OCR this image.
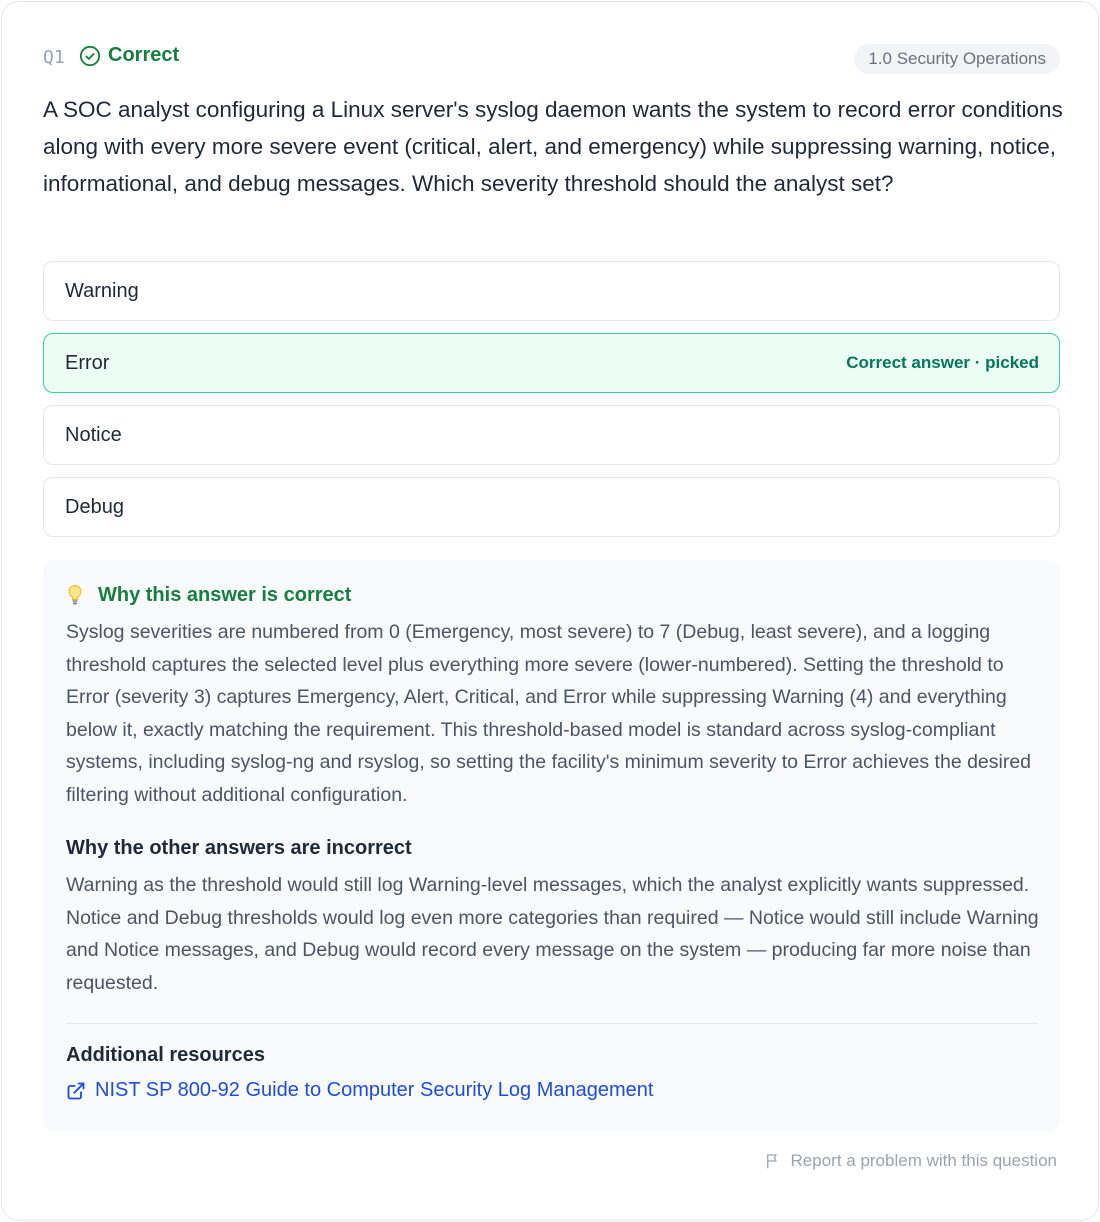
Q1 Correct	1.0 Security Operations

A SOC analyst configuring a Linux server's syslog daemon wants the system to record error conditions along with every more severe event (critical, alert, and emergency) while suppressing warning, notice, informational, and debug messages. Which severity threshold should the analyst set?

Warning
Error	Correct answer · picked
Notice
Debug
Why this answer is correct

Syslog severities are numbered from 0 (Emergency, most severe) to 7 (Debug, least severe), and a logging threshold captures the selected level plus everything more severe (lower-numbered). Setting the threshold to Error (severity 3) captures Emergency, Alert, Critical, and Error while suppressing Warning (4) and everything below it, exactly matching the requirement. This threshold-based model is standard across syslog-compliant systems, including syslog-ng and rsyslog, so setting the facility's minimum severity to Error achieves the desired filtering without additional configuration.

Why the other answers are incorrect

Warning as the threshold would still log Warning-level messages, which the analyst explicitly wants suppressed. Notice and Debug thresholds would log even more categories than required — Notice would still include Warning and Notice messages, and Debug would record every message on the system — producing far more noise than requested.

Additional resources
NIST SP 800-92 Guide to Computer Security Log Management
Report a problem with this question
